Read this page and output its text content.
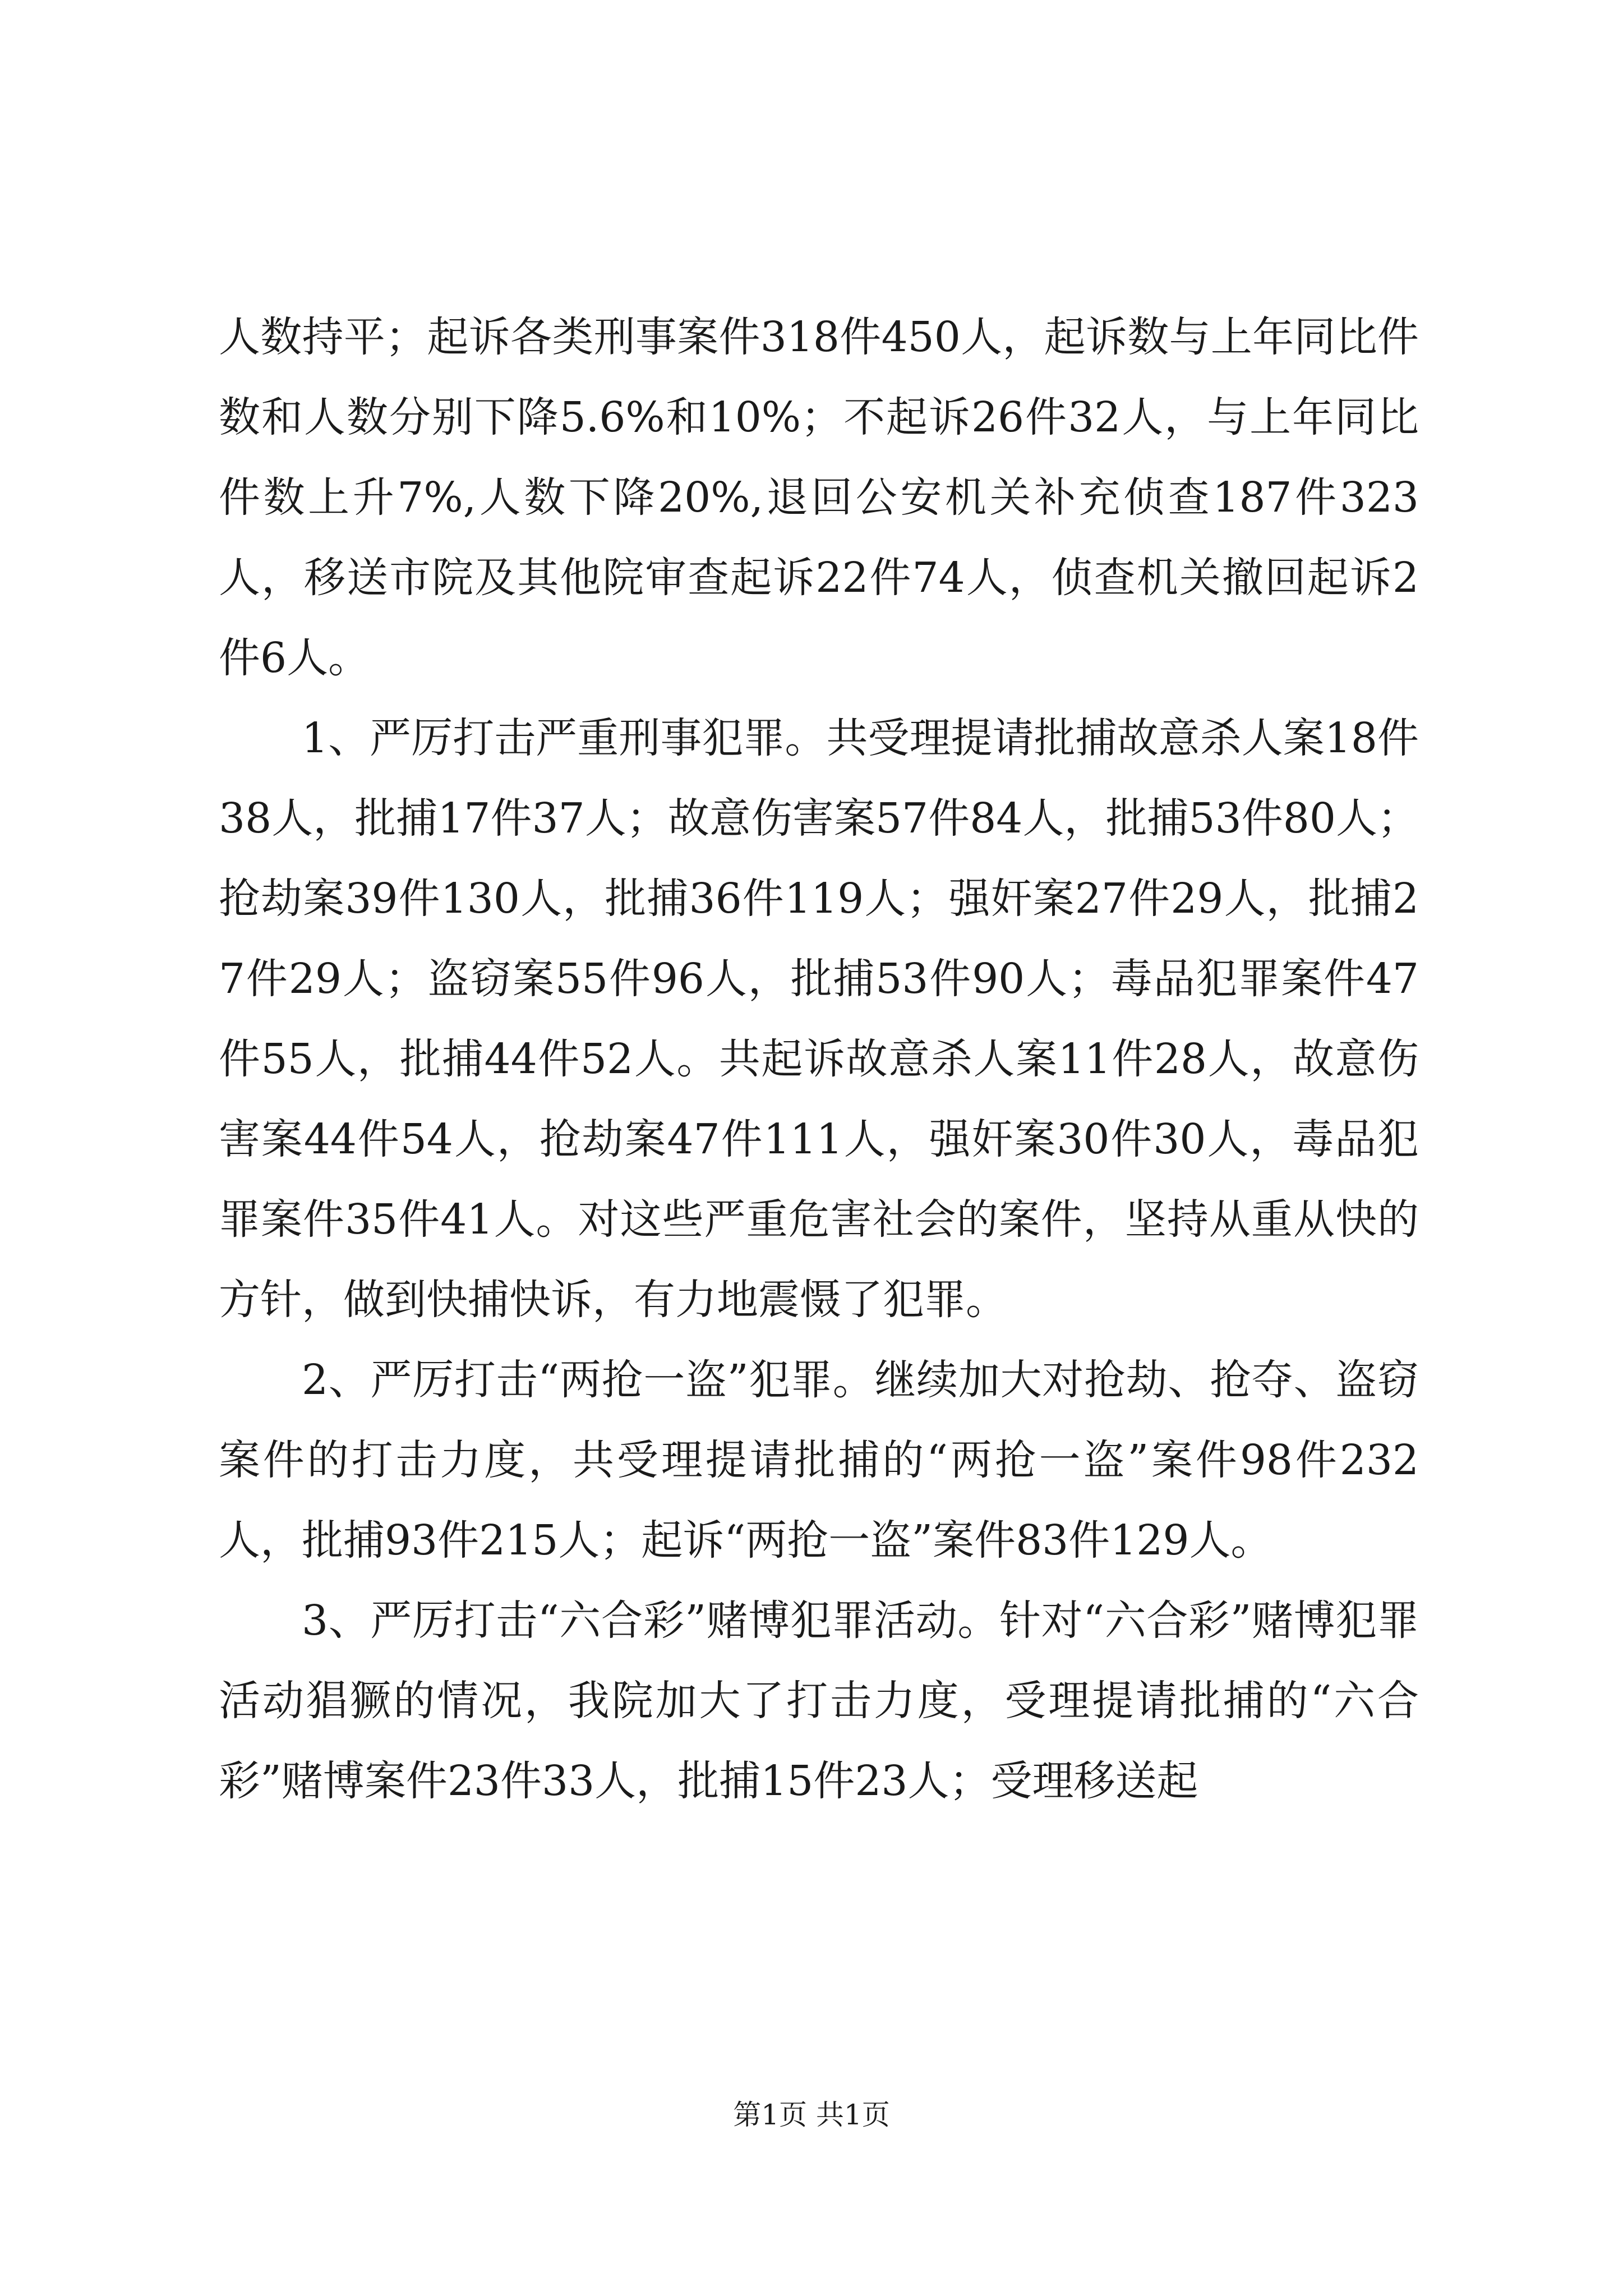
人数持平；起诉各类刑事案件318件450人，起诉数与上年同比件数和人数分别下降5.6%和10%；不起诉26件32人，与上年同比件数上升7%,人数下降20%,退回公安机关补充侦查187件323人，移送市院及其他院审查起诉22件74人，侦查机关撤回起诉2件6人。

1、严厉打击严重刑事犯罪。共受理提请批捕故意杀人案18件38人，批捕17件37人；故意伤害案57件84人，批捕53件80人；抢劫案39件130人，批捕36件119人；强奸案27件29人，批捕27件29人；盗窃案55件96人，批捕53件90人；毒品犯罪案件47件55人，批捕44件52人。共起诉故意杀人案11件28人，故意伤害案44件54人，抢劫案47件111人，强奸案30件30人，毒品犯罪案件35件41人。对这些严重危害社会的案件，坚持从重从快的方针，做到快捕快诉，有力地震慑了犯罪。

2、严厉打击“两抢一盗”犯罪。继续加大对抢劫、抢夺、盗窃案件的打击力度，共受理提请批捕的“两抢一盗”案件98件232人，批捕93件215人；起诉“两抢一盗”案件83件129人。

3、严厉打击“六合彩”赌博犯罪活动。针对“六合彩”赌博犯罪活动猖獗的情况，我院加大了打击力度，受理提请批捕的“六合彩”赌博案件23件33人，批捕15件23人；受理移送起

第1页 共1页
